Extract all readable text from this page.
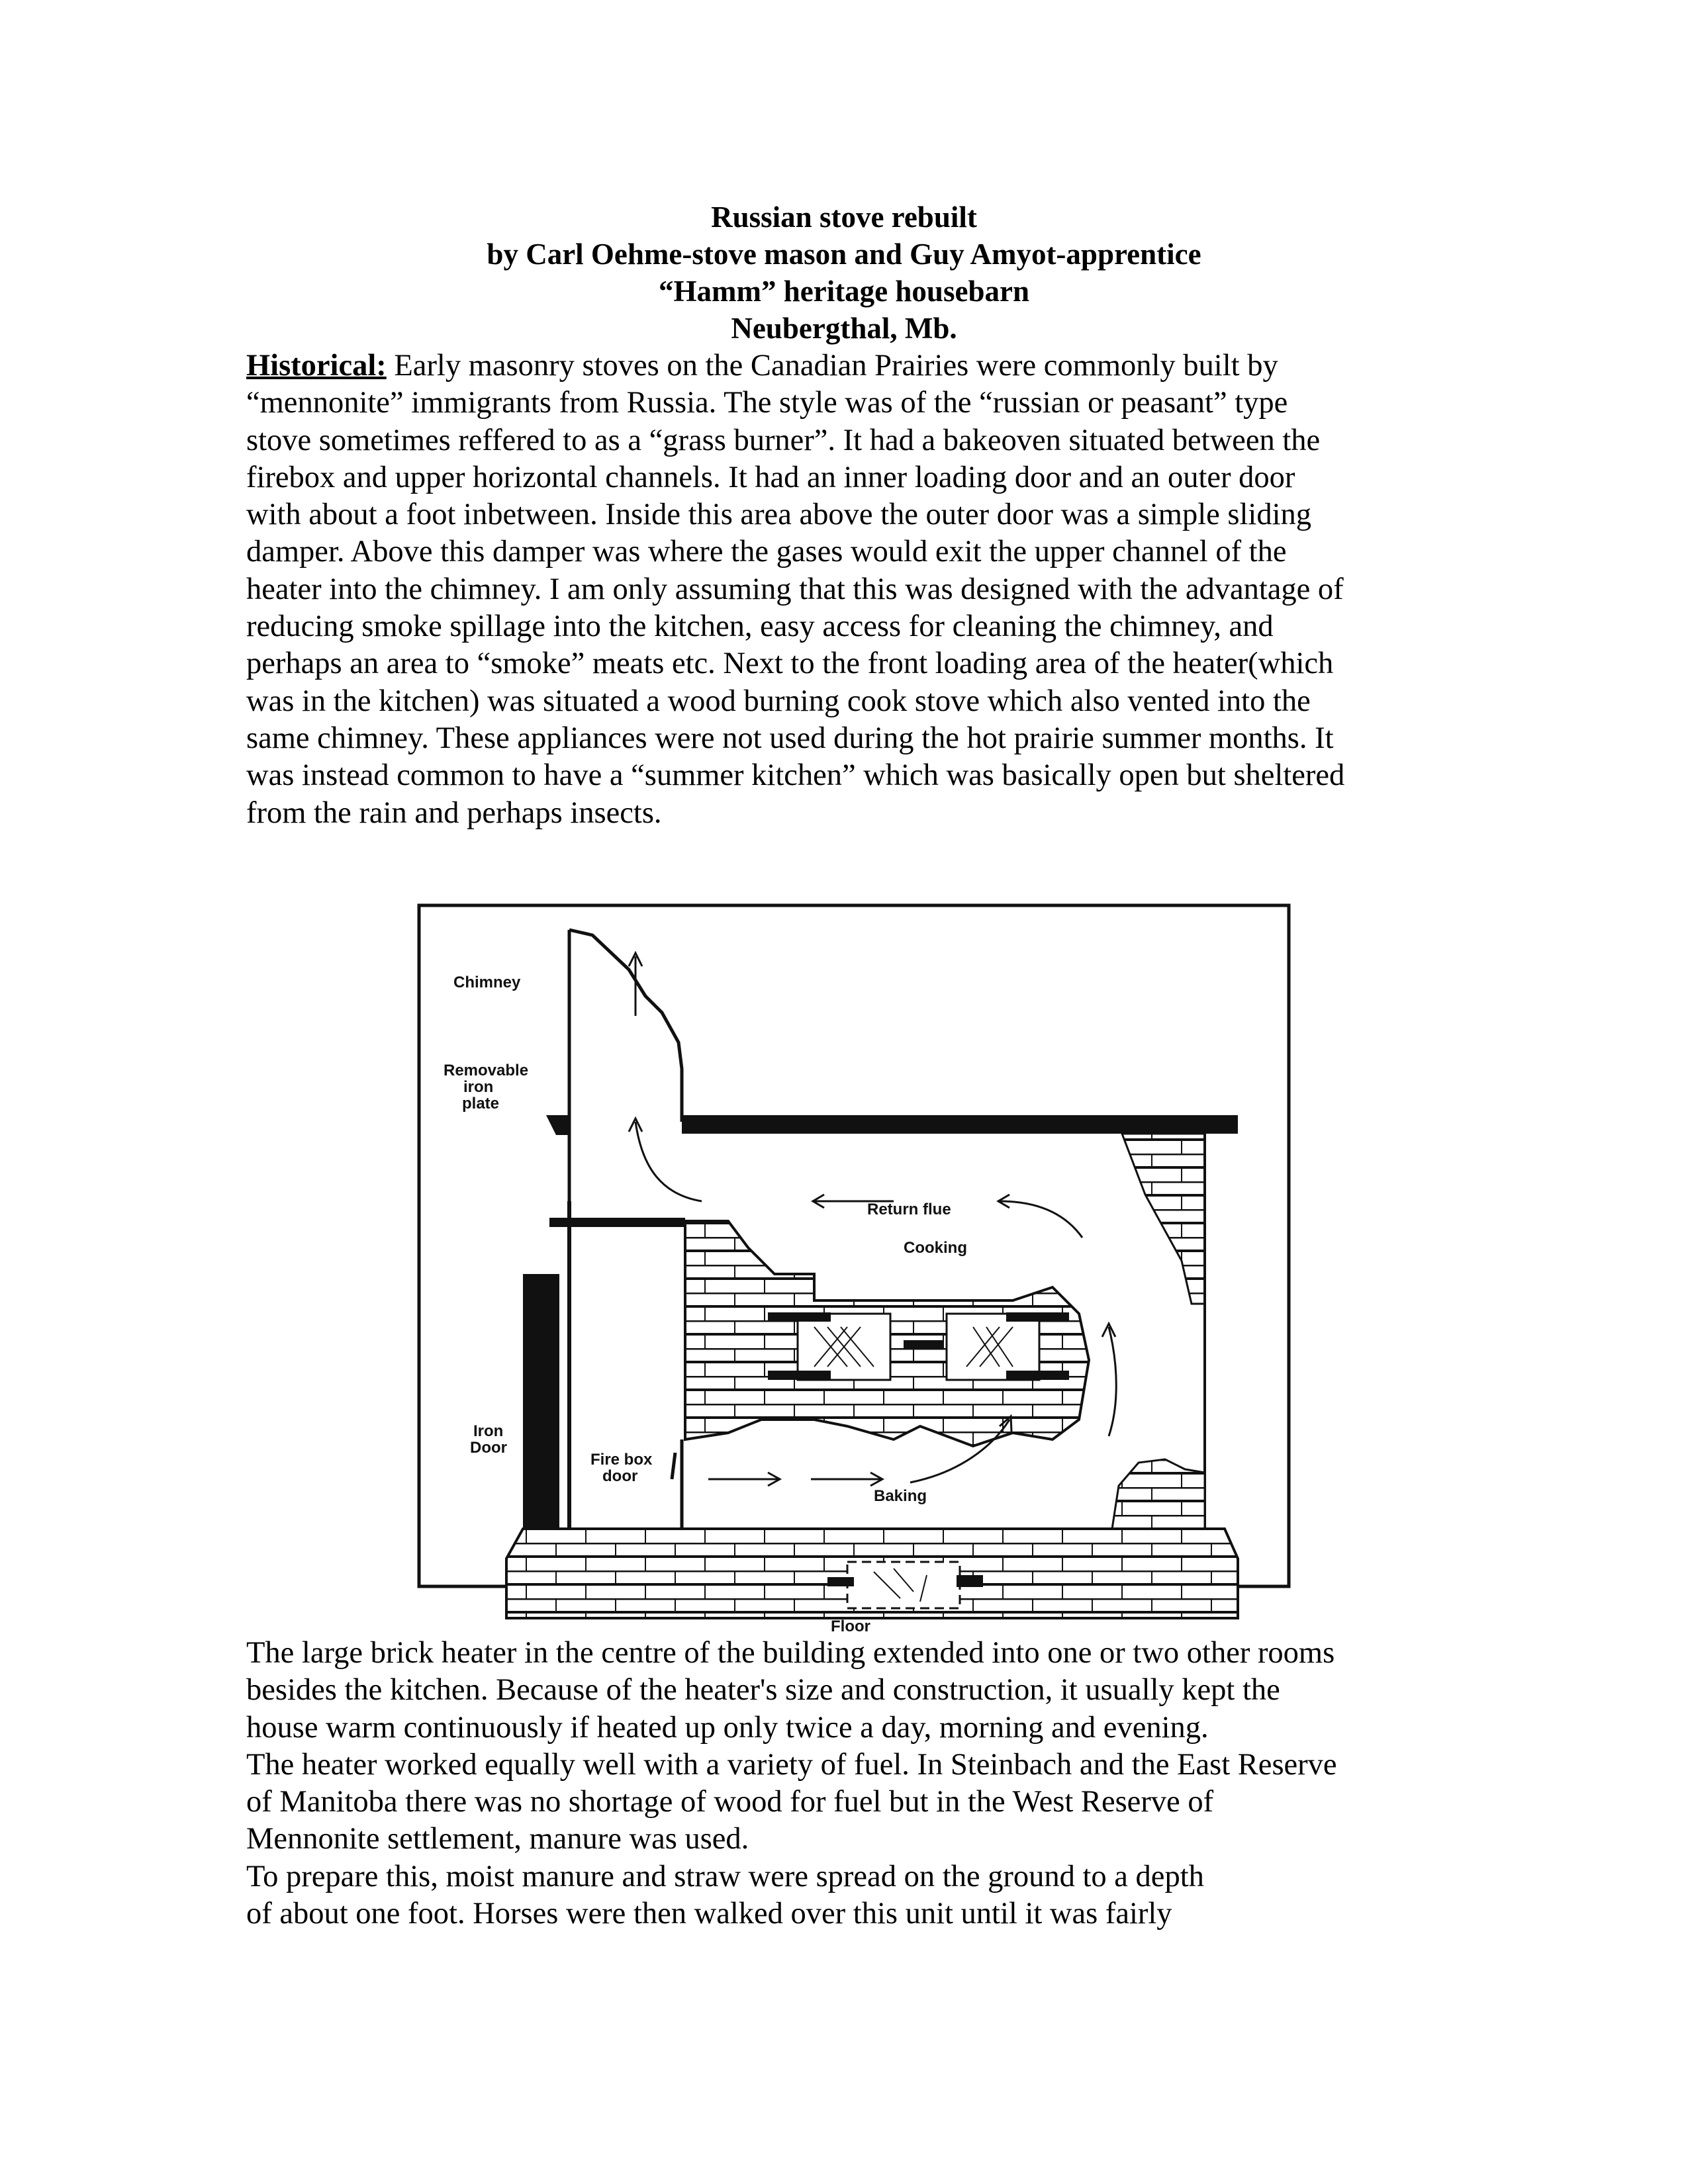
Russian stove rebuilt
by Carl Oehme-stove mason and Guy Amyot-apprentice
“Hamm” heritage housebarn
Neubergthal, Mb.
Historical: Early masonry stoves on the Canadian Prairies were commonly built by
“mennonite” immigrants from Russia. The style was of the “russian or peasant” type
stove sometimes reffered to as a “grass burner”. It had a bakeoven situated between the
firebox and upper horizontal channels. It had an inner loading door and an outer door
with about a foot inbetween. Inside this area above the outer door was a simple sliding
damper. Above this damper was where the gases would exit the upper channel of the
heater into the chimney. I am only assuming that this was designed with the advantage of
reducing smoke spillage into the kitchen, easy access for cleaning the chimney, and
perhaps an area to “smoke” meats etc. Next to the front loading area of the heater(which
was in the kitchen) was situated a wood burning cook stove which also vented into the
same chimney. These appliances were not used during the hot prairie summer months. It
was instead common to have a “summer kitchen” which was basically open but sheltered
from the rain and perhaps insects.
Chimney
Removable
iron
plate
Return flue
Cooking
Iron
Door
Fire box
door
Baking
Floor
The large brick heater in the centre of the building extended into one or two other rooms
besides the kitchen. Because of the heater's size and construction, it usually kept the
house warm continuously if heated up only twice a day, morning and evening.
The heater worked equally well with a variety of fuel. In Steinbach and the East Reserve
of Manitoba there was no shortage of wood for fuel but in the West Reserve of
Mennonite settlement, manure was used.
To prepare this, moist manure and straw were spread on the ground to a depth
of about one foot. Horses were then walked over this unit until it was fairly
